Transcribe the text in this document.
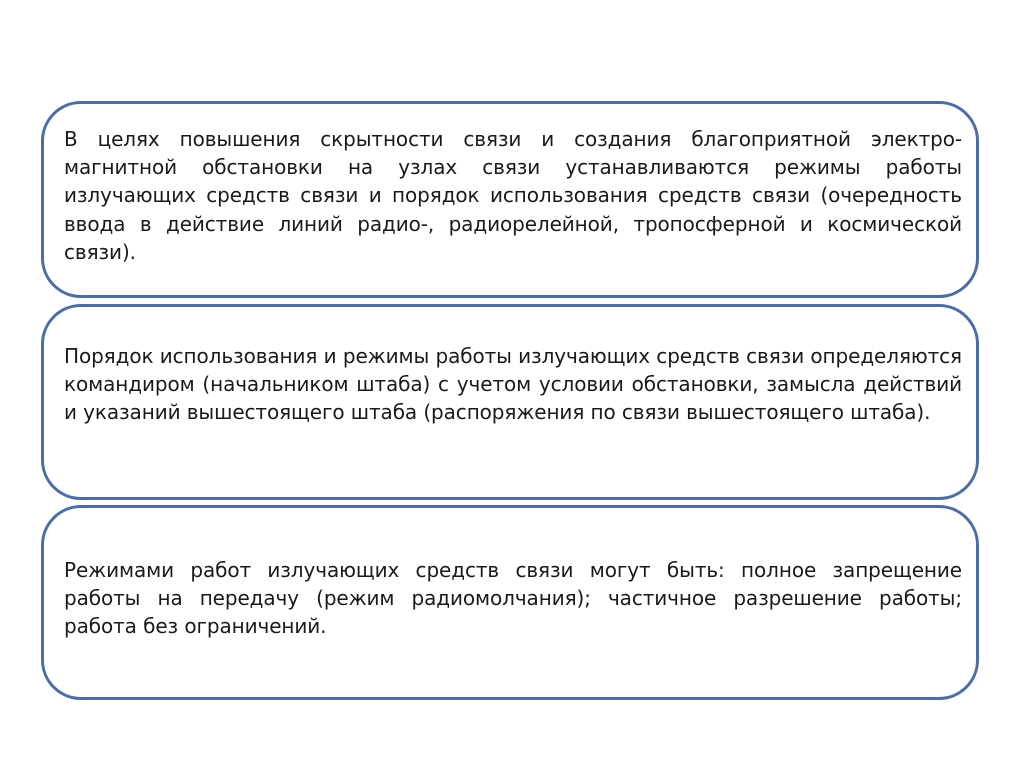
В целях повышения скрытности связи и создания благоприятной электро-магнитной обстановки на узлах связи устанавливаются режимы работы излучающих средств связи и порядок использования средств связи (очередность ввода в действие линий радио-, радиорелейной, тропосферной и космической связи).
Порядок использования и режимы работы излучающих средств связи определяются командиром (начальником штаба) с учетом условии обстановки, замысла действий и указаний вышестоящего штаба (распоряжения по связи вышестоящего штаба).
Режимами работ излучающих средств связи могут быть: полное запрещение работы на передачу (режим радиомолчания); частичное разрешение работы; работа без ограничений.
